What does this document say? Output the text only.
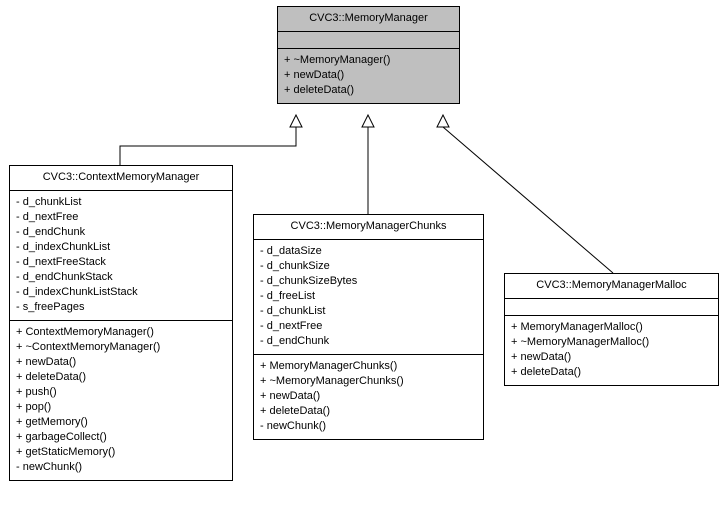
CVC3::MemoryManager
+ ~MemoryManager()
+ newData()
+ deleteData()
CVC3::ContextMemoryManager
- d_chunkList
- d_nextFree
- d_endChunk
- d_indexChunkList
- d_nextFreeStack
- d_endChunkStack
- d_indexChunkListStack
- s_freePages
+ ContextMemoryManager()
+ ~ContextMemoryManager()
+ newData()
+ deleteData()
+ push()
+ pop()
+ getMemory()
+ garbageCollect()
+ getStaticMemory()
- newChunk()
CVC3::MemoryManagerChunks
- d_dataSize
- d_chunkSize
- d_chunkSizeBytes
- d_freeList
- d_chunkList
- d_nextFree
- d_endChunk
+ MemoryManagerChunks()
+ ~MemoryManagerChunks()
+ newData()
+ deleteData()
- newChunk()
CVC3::MemoryManagerMalloc
+ MemoryManagerMalloc()
+ ~MemoryManagerMalloc()
+ newData()
+ deleteData()
